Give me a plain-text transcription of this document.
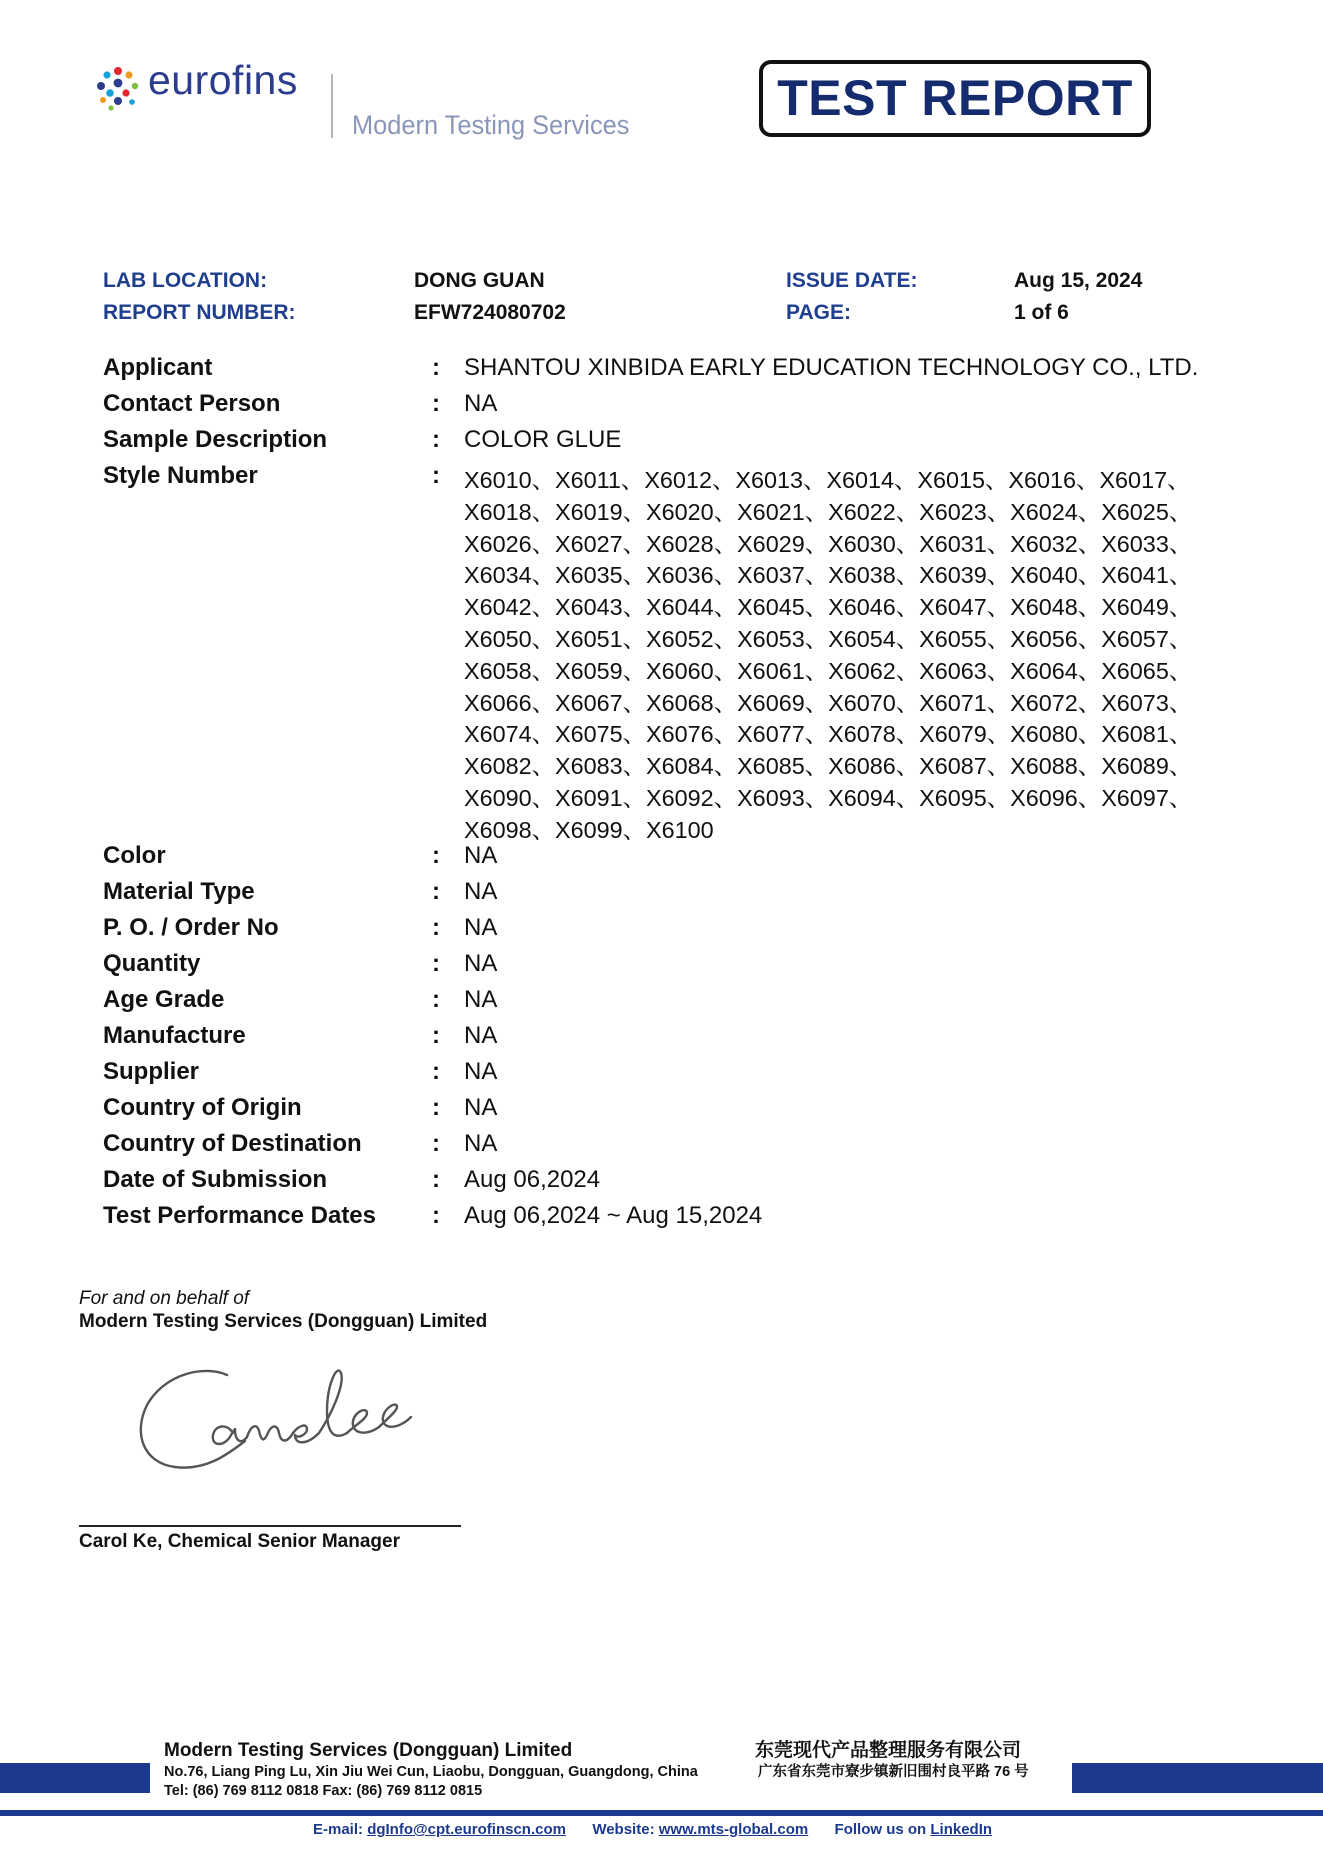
eurofins
Modern Testing Services	TEST REPORT
LAB LOCATION:	DONG GUAN	ISSUE DATE:	Aug 15, 2024
REPORT NUMBER:	EFW724080702	PAGE:	1 of 6
Applicant	: SHANTOU XINBIDA EARLY EDUCATION TECHNOLOGY CO., LTD.
Contact Person	: NA
Sample Description	: COLOR GLUE
Style Number	: X6010、X6011、X6012、X6013、X6014、X6015、X6016、X6017、
X6018、X6019、X6020、X6021、X6022、X6023、X6024、X6025、
X6026、X6027、X6028、X6029、X6030、X6031、X6032、X6033、
X6034、X6035、X6036、X6037、X6038、X6039、X6040、X6041、
X6042、X6043、X6044、X6045、X6046、X6047、X6048、X6049、
X6050、X6051、X6052、X6053、X6054、X6055、X6056、X6057、
X6058、X6059、X6060、X6061、X6062、X6063、X6064、X6065、
X6066、X6067、X6068、X6069、X6070、X6071、X6072、X6073、
X6074、X6075、X6076、X6077、X6078、X6079、X6080、X6081、
X6082、X6083、X6084、X6085、X6086、X6087、X6088、X6089、
X6090、X6091、X6092、X6093、X6094、X6095、X6096、X6097、
X6098、X6099、X6100
Color	: NA
Material Type	: NA
P. O. / Order No	: NA
Quantity	: NA
Age Grade	: NA
Manufacture	: NA
Supplier	: NA
Country of Origin	: NA
Country of Destination	: NA
Date of Submission	: Aug 06,2024
Test Performance Dates : Aug 06,2024 ~ Aug 15,2024
For and on behalf of
Modern Testing Services (Dongguan) Limited
Carol Ke, Chemical Senior Manager
Modern Testing Services (Dongguan) Limited	东莞现代产品整理服务有限公司
No.76, Liang Ping Lu, Xin Jiu Wei Cun, Liaobu, Dongguan, Guangdong, China
Tel: (86) 769 8112 0818 Fax: (86) 769 8112 0815
广东省东莞市寮步镇新旧围村良平路 76 号
E-mail: dgInfo@cpt.eurofinscn.com Website: www.mts-global.com Follow us on LinkedIn
